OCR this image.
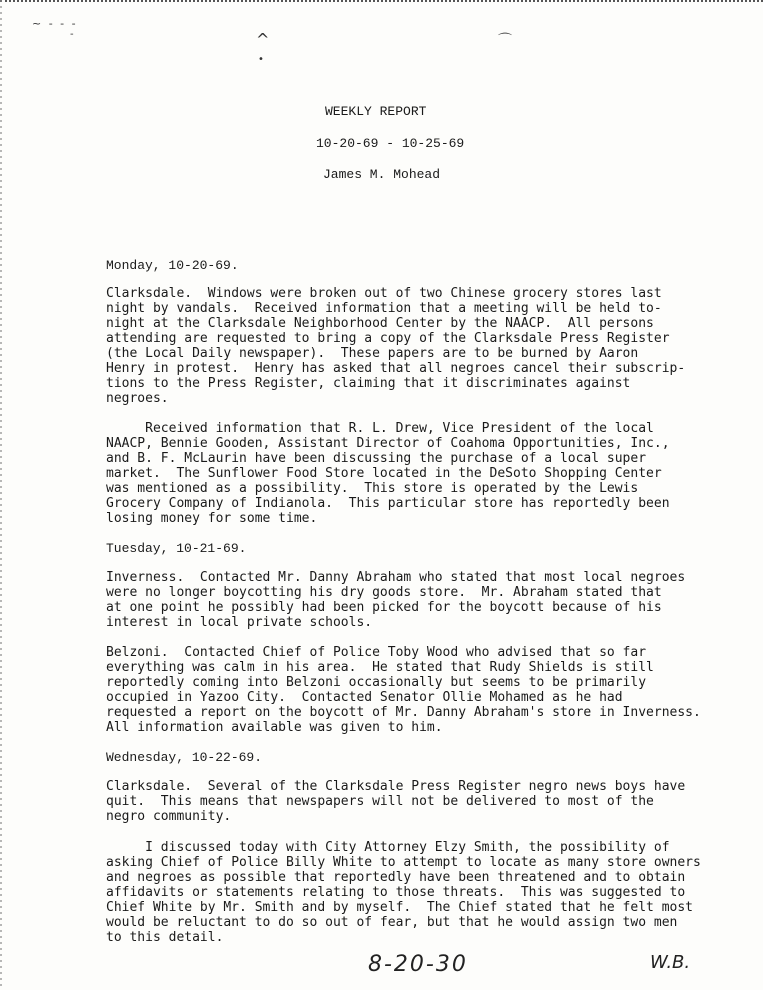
~ - - -
-	^
•
⌒
WEEKLY REPORT
10-20-69 - 10-25-69
James M. Mohead
Monday, 10-20-69.
Clarksdale.  Windows were broken out of two Chinese grocery stores last
night by vandals.  Received information that a meeting will be held to-
night at the Clarksdale Neighborhood Center by the NAACP.  All persons
attending are requested to bring a copy of the Clarksdale Press Register
(the Local Daily newspaper).  These papers are to be burned by Aaron
Henry in protest.  Henry has asked that all negroes cancel their subscrip-
tions to the Press Register, claiming that it discriminates against
negroes.
Received information that R. L. Drew, Vice President of the local
NAACP, Bennie Gooden, Assistant Director of Coahoma Opportunities, Inc.,
and B. F. McLaurin have been discussing the purchase of a local super
market.  The Sunflower Food Store located in the DeSoto Shopping Center
was mentioned as a possibility.  This store is operated by the Lewis
Grocery Company of Indianola.  This particular store has reportedly been
losing money for some time.
Tuesday, 10-21-69.
Inverness.  Contacted Mr. Danny Abraham who stated that most local negroes
were no longer boycotting his dry goods store.  Mr. Abraham stated that
at one point he possibly had been picked for the boycott because of his
interest in local private schools.
Belzoni.  Contacted Chief of Police Toby Wood who advised that so far
everything was calm in his area.  He stated that Rudy Shields is still
reportedly coming into Belzoni occasionally but seems to be primarily
occupied in Yazoo City.  Contacted Senator Ollie Mohamed as he had
requested a report on the boycott of Mr. Danny Abraham's store in Inverness.
All information available was given to him.
Wednesday, 10-22-69.
Clarksdale.  Several of the Clarksdale Press Register negro news boys have
quit.  This means that newspapers will not be delivered to most of the
negro community.
I discussed today with City Attorney Elzy Smith, the possibility of
asking Chief of Police Billy White to attempt to locate as many store owners
and negroes as possible that reportedly have been threatened and to obtain
affidavits or statements relating to those threats.  This was suggested to
Chief White by Mr. Smith and by myself.  The Chief stated that he felt most
would be reluctant to do so out of fear, but that he would assign two men
to this detail.
8-20-30	W.B.
